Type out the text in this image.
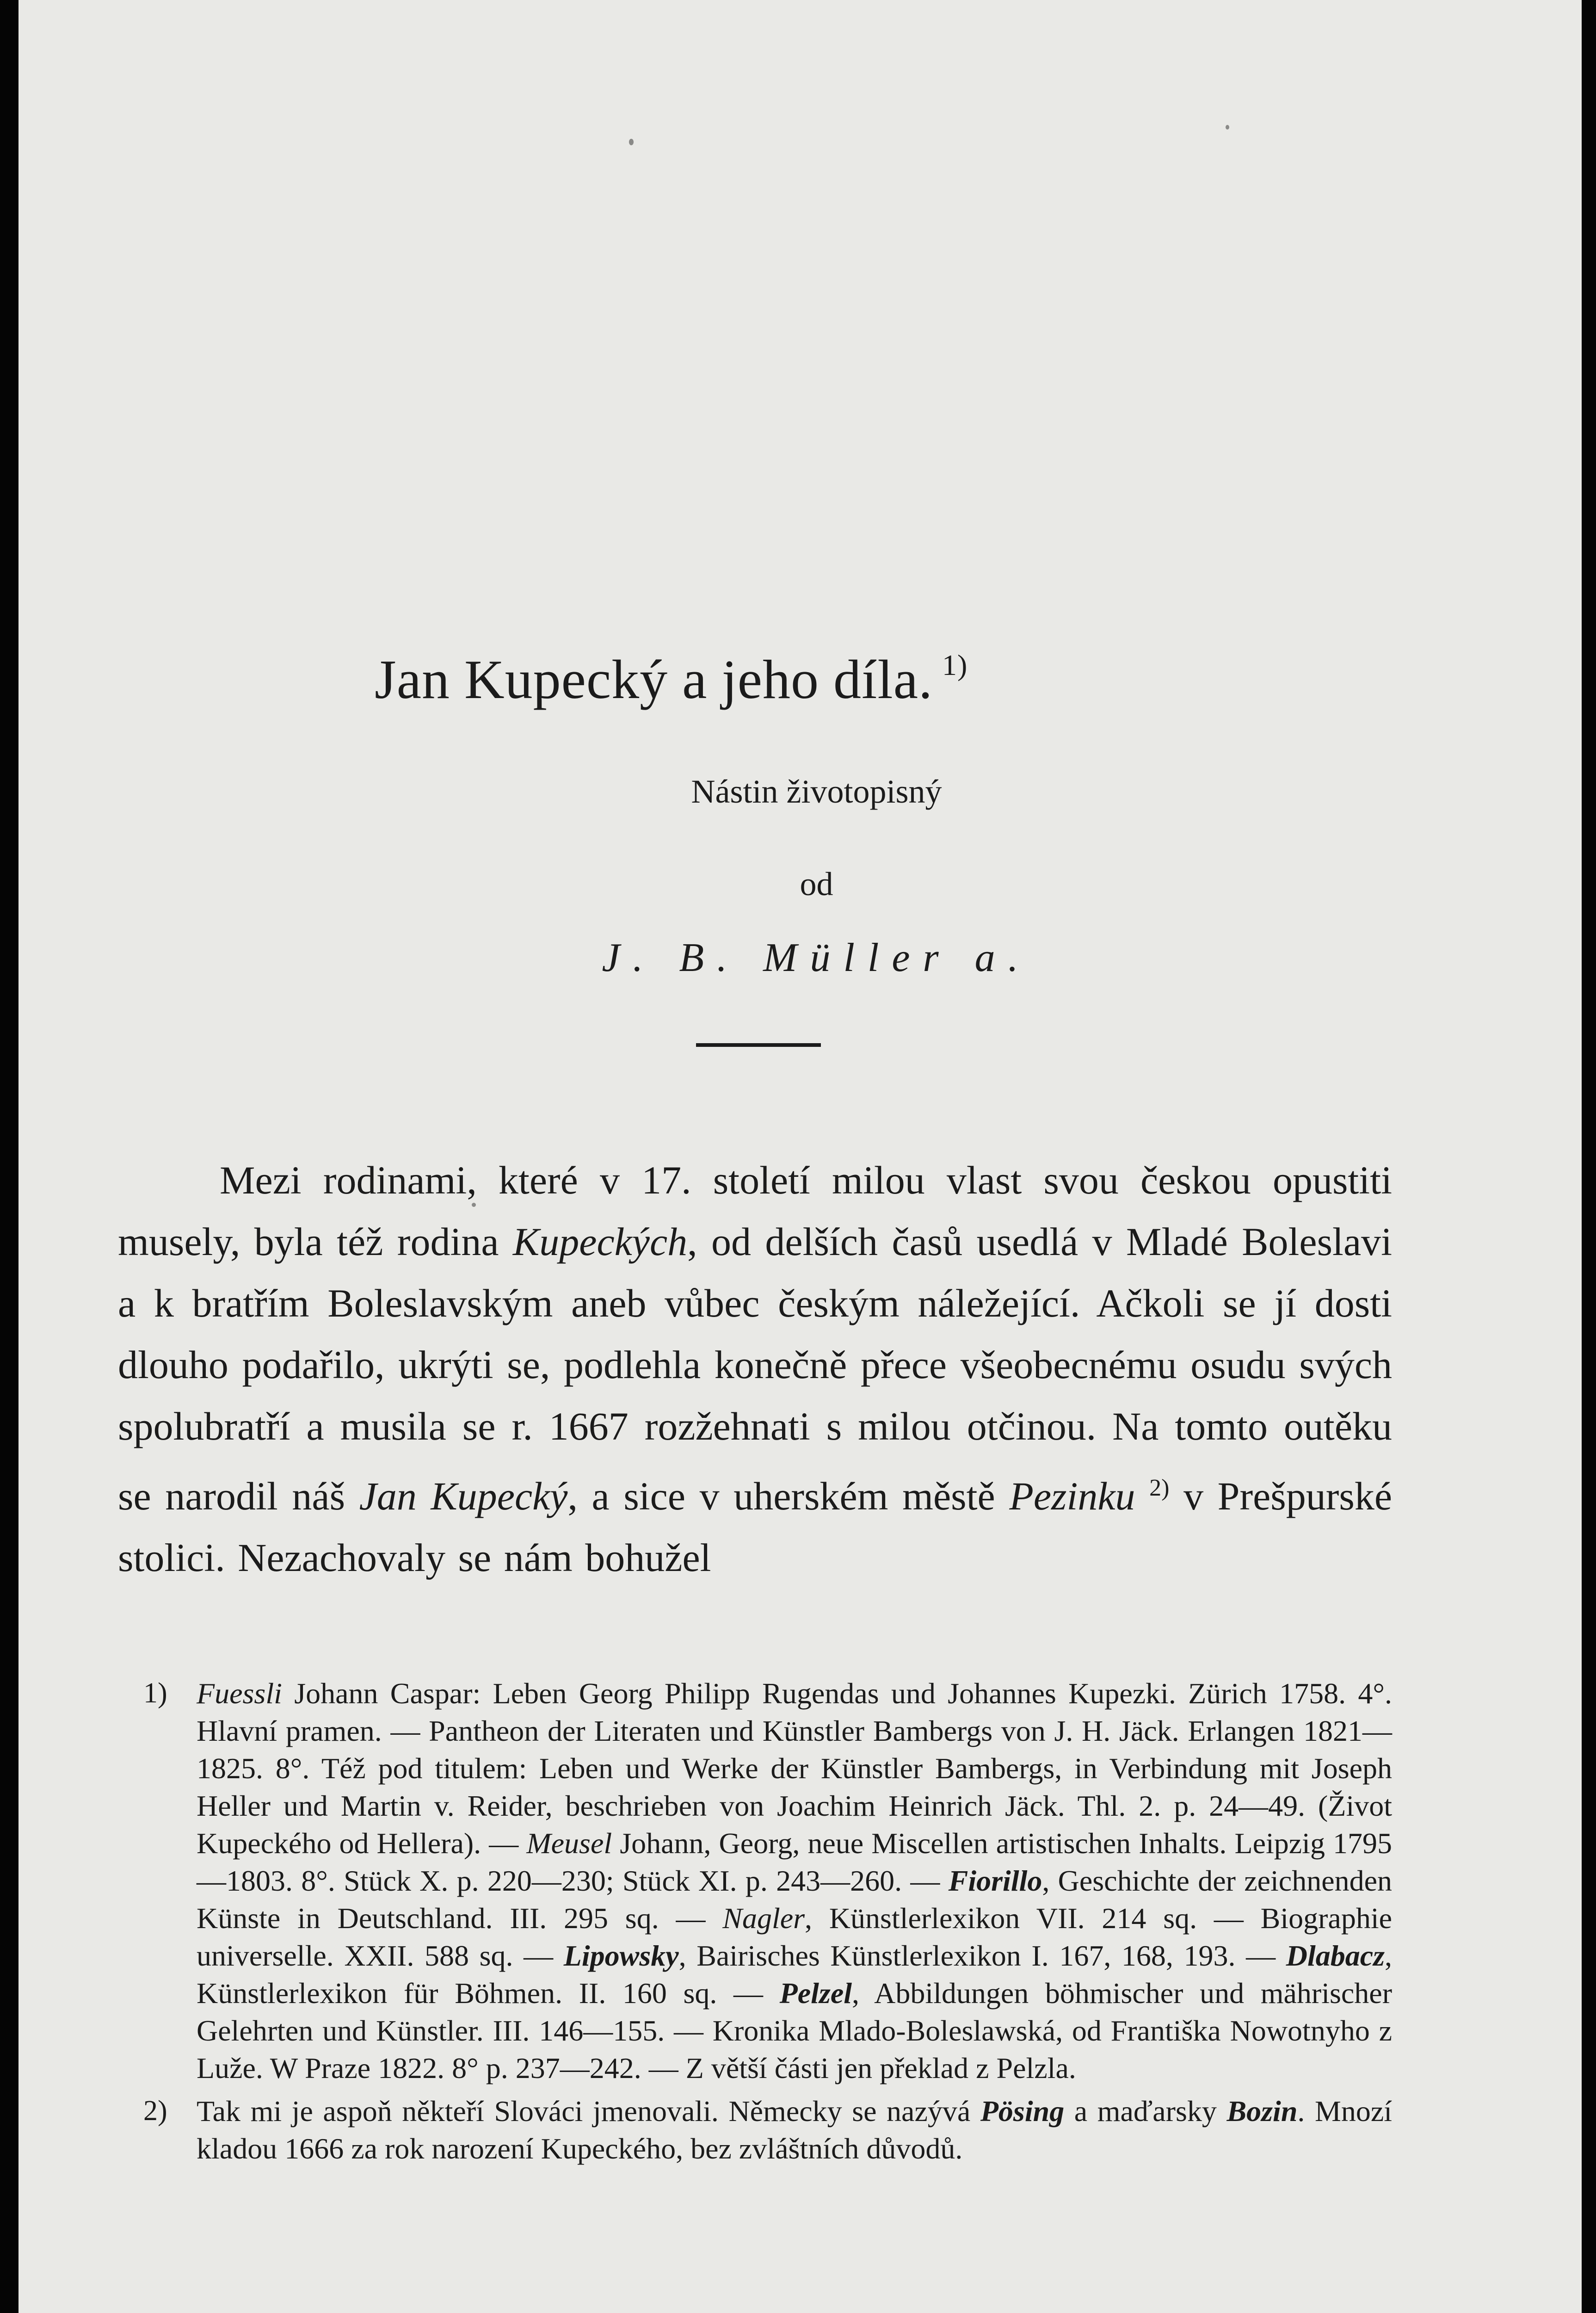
Jan Kupecký a jeho díla. $^{1)}$
Nástin životopisný
od
J. B. Müller a.

Mezi rodinami, které v 17. století milou vlast svou českou opustiti musely, byla též rodina Kupeckých, od delších časů usedlá v Mladé Boleslavi a k bratřím Boleslavským aneb vůbec českým náležející. Ačkoli se jí dosti dlouho podařilo, ukrýti se, podlehla konečně přece všeobecnému osudu svých spolubratří a musila se r. 1667 rozžehnati s milou otčinou. Na tomto outěku se narodil náš Jan Kupecký, a sice v uherském městě Pezinku $^{2)}$ v Prešpurské stolici. Nezachovaly se nám bohužel

1) Fuessli Johann Caspar: Leben Georg Philipp Rugendas und Johannes Kupezki. Zürich 1758. 4°. Hlavní pramen. — Pantheon der Literaten und Künstler Bambergs von J. H. Jäck. Erlangen 1821—1825. 8°. Též pod titulem: Leben und Werke der Künstler Bambergs, in Verbindung mit Joseph Heller und Martin v. Reider, beschrieben von Joachim Heinrich Jäck. Thl. 2. p. 24—49. (Život Kupeckého od Hellera). — Meusel Johann, Georg, neue Miscellen artistischen Inhalts. Leipzig 1795—1803. 8°. Stück X. p. 220—230; Stück XI. p. 243—260. — Fiorillo, Geschichte der zeichnenden Künste in Deutschland. III. 295 sq. — Nagler, Künstlerlexikon VII. 214 sq. — Biographie universelle. XXII. 588 sq. — Lipowsky, Bairisches Künstlerlexikon I. 167, 168, 193. — Dlabacz, Künstlerlexikon für Böhmen. II. 160 sq. — Pelzel, Abbildungen böhmischer und mährischer Gelehrten und Künstler. III. 146—155. — Kronika Mlado-Boleslawská, od Františka Nowotnyho z Luže. W Praze 1822. 8° p. 237—242. — Z větší části jen překlad z Pelzla.
2) Tak mi je aspoň někteří Slováci jmenovali. Německy se nazývá Pösing a maďarsky Bozin. Mnozí kladou 1666 za rok narození Kupeckého, bez zvláštních důvodů.
